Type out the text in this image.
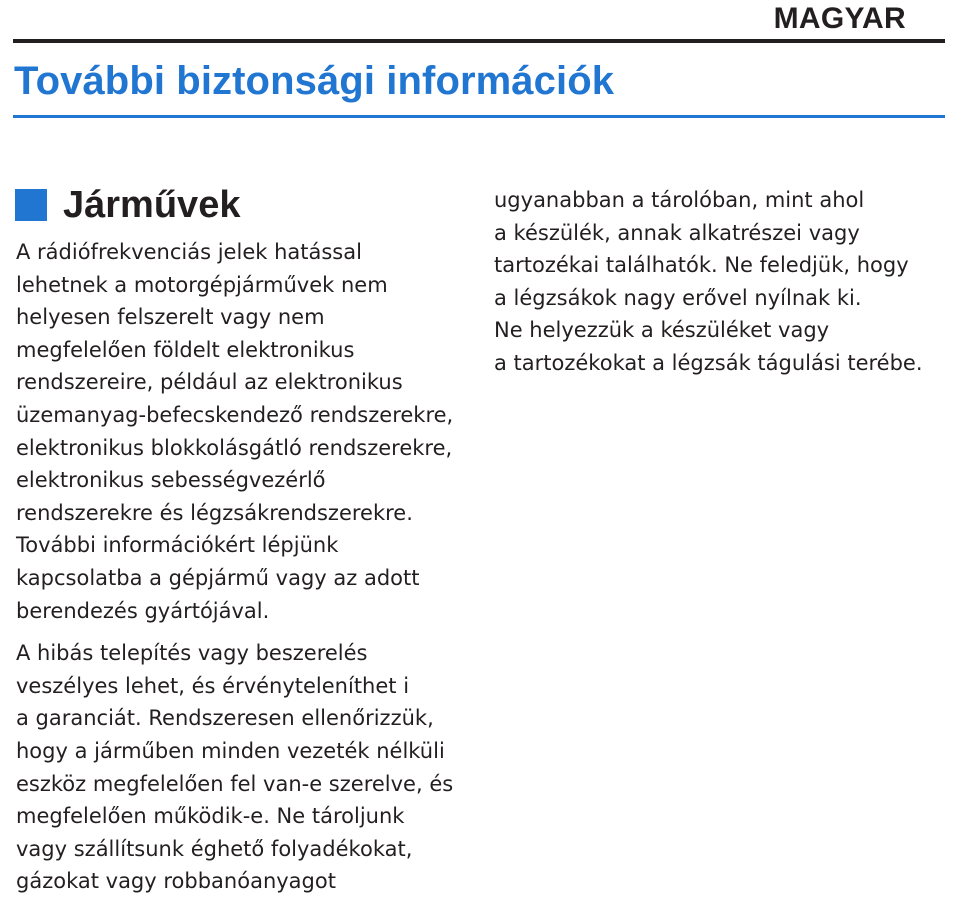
MAGYAR
További biztonsági információk
Járművek

A rádiófrekvenciás jelek hatással
lehetnek a motorgépjárművek nem
helyesen felszerelt vagy nem
megfelelően földelt elektronikus
rendszereire, például az elektronikus
üzemanyag-befecskendező rendszerekre,
elektronikus blokkolásgátló rendszerekre,
elektronikus sebességvezérlő
rendszerekre és légzsákrendszerekre.
További információkért lépjünk
kapcsolatba a gépjármű vagy az adott
berendezés gyártójával.

A hibás telepítés vagy beszerelés
veszélyes lehet, és érvényteleníthet i
a garanciát. Rendszeresen ellenőrizzük,
hogy a járműben minden vezeték nélküli
eszköz megfelelően fel van-e szerelve, és
megfelelően működik-e. Ne tároljunk
vagy szállítsunk éghető folyadékokat,
gázokat vagy robbanóanyagot

ugyanabban a tárolóban, mint ahol
a készülék, annak alkatrészei vagy
tartozékai találhatók. Ne feledjük, hogy
a légzsákok nagy erővel nyílnak ki.
Ne helyezzük a készüléket vagy
a tartozékokat a légzsák tágulási terébe.
